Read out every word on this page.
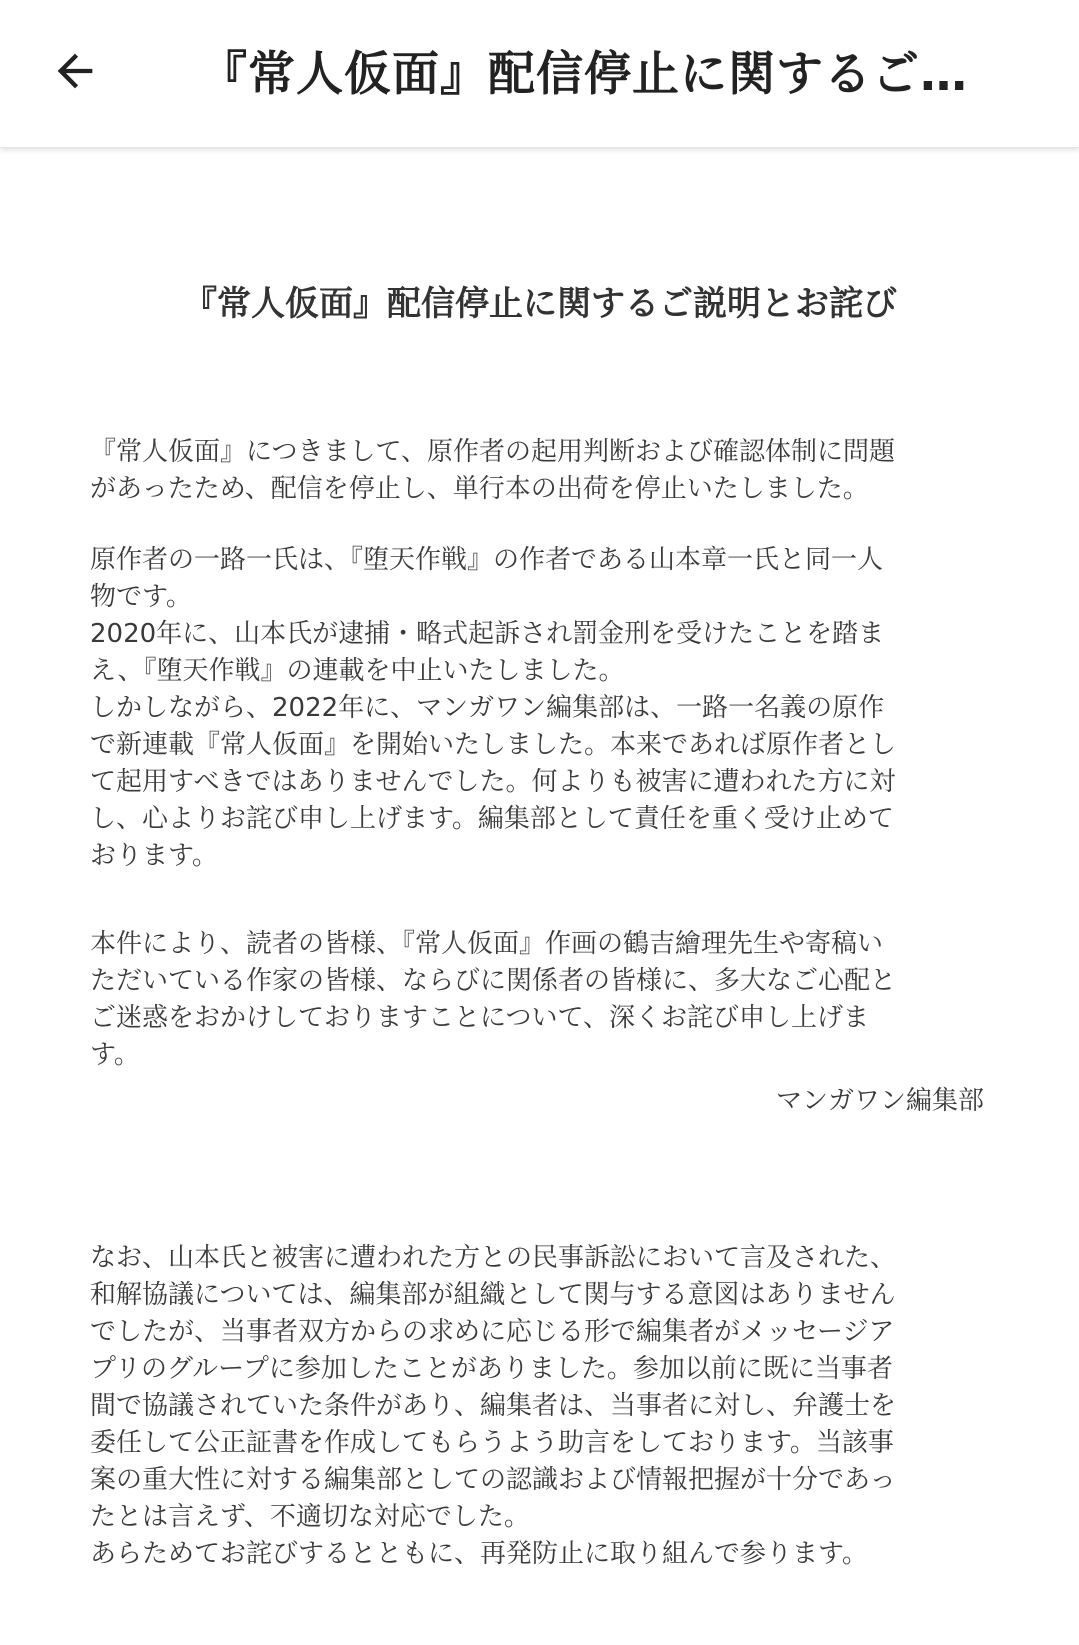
『常人仮面』配信停止に関するご…
『常人仮面』配信停止に関するご説明とお詫び

『常人仮面』につきまして、原作者の起用判断および確認体制に問題
があったため、配信を停止し、単行本の出荷を停止いたしました。

原作者の一路一氏は、『堕天作戦』の作者である山本章一氏と同一人
物です。
2020年に、山本氏が逮捕・略式起訴され罰金刑を受けたことを踏ま
え、『堕天作戦』の連載を中止いたしました。
しかしながら、2022年に、マンガワン編集部は、一路一名義の原作
で新連載『常人仮面』を開始いたしました。本来であれば原作者とし
て起用すべきではありませんでした。何よりも被害に遭われた方に対
し、心よりお詫び申し上げます。編集部として責任を重く受け止めて
おります。

本件により、読者の皆様、『常人仮面』作画の鶴吉繪理先生や寄稿い
ただいている作家の皆様、ならびに関係者の皆様に、多大なご心配と
ご迷惑をおかけしておりますことについて、深くお詫び申し上げま
す。

マンガワン編集部

なお、山本氏と被害に遭われた方との民事訴訟において言及された、
和解協議については、編集部が組織として関与する意図はありません
でしたが、当事者双方からの求めに応じる形で編集者がメッセージア
プリのグループに参加したことがありました。参加以前に既に当事者
間で協議されていた条件があり、編集者は、当事者に対し、弁護士を
委任して公正証書を作成してもらうよう助言をしております。当該事
案の重大性に対する編集部としての認識および情報把握が十分であっ
たとは言えず、不適切な対応でした。
あらためてお詫びするとともに、再発防止に取り組んで参ります。
